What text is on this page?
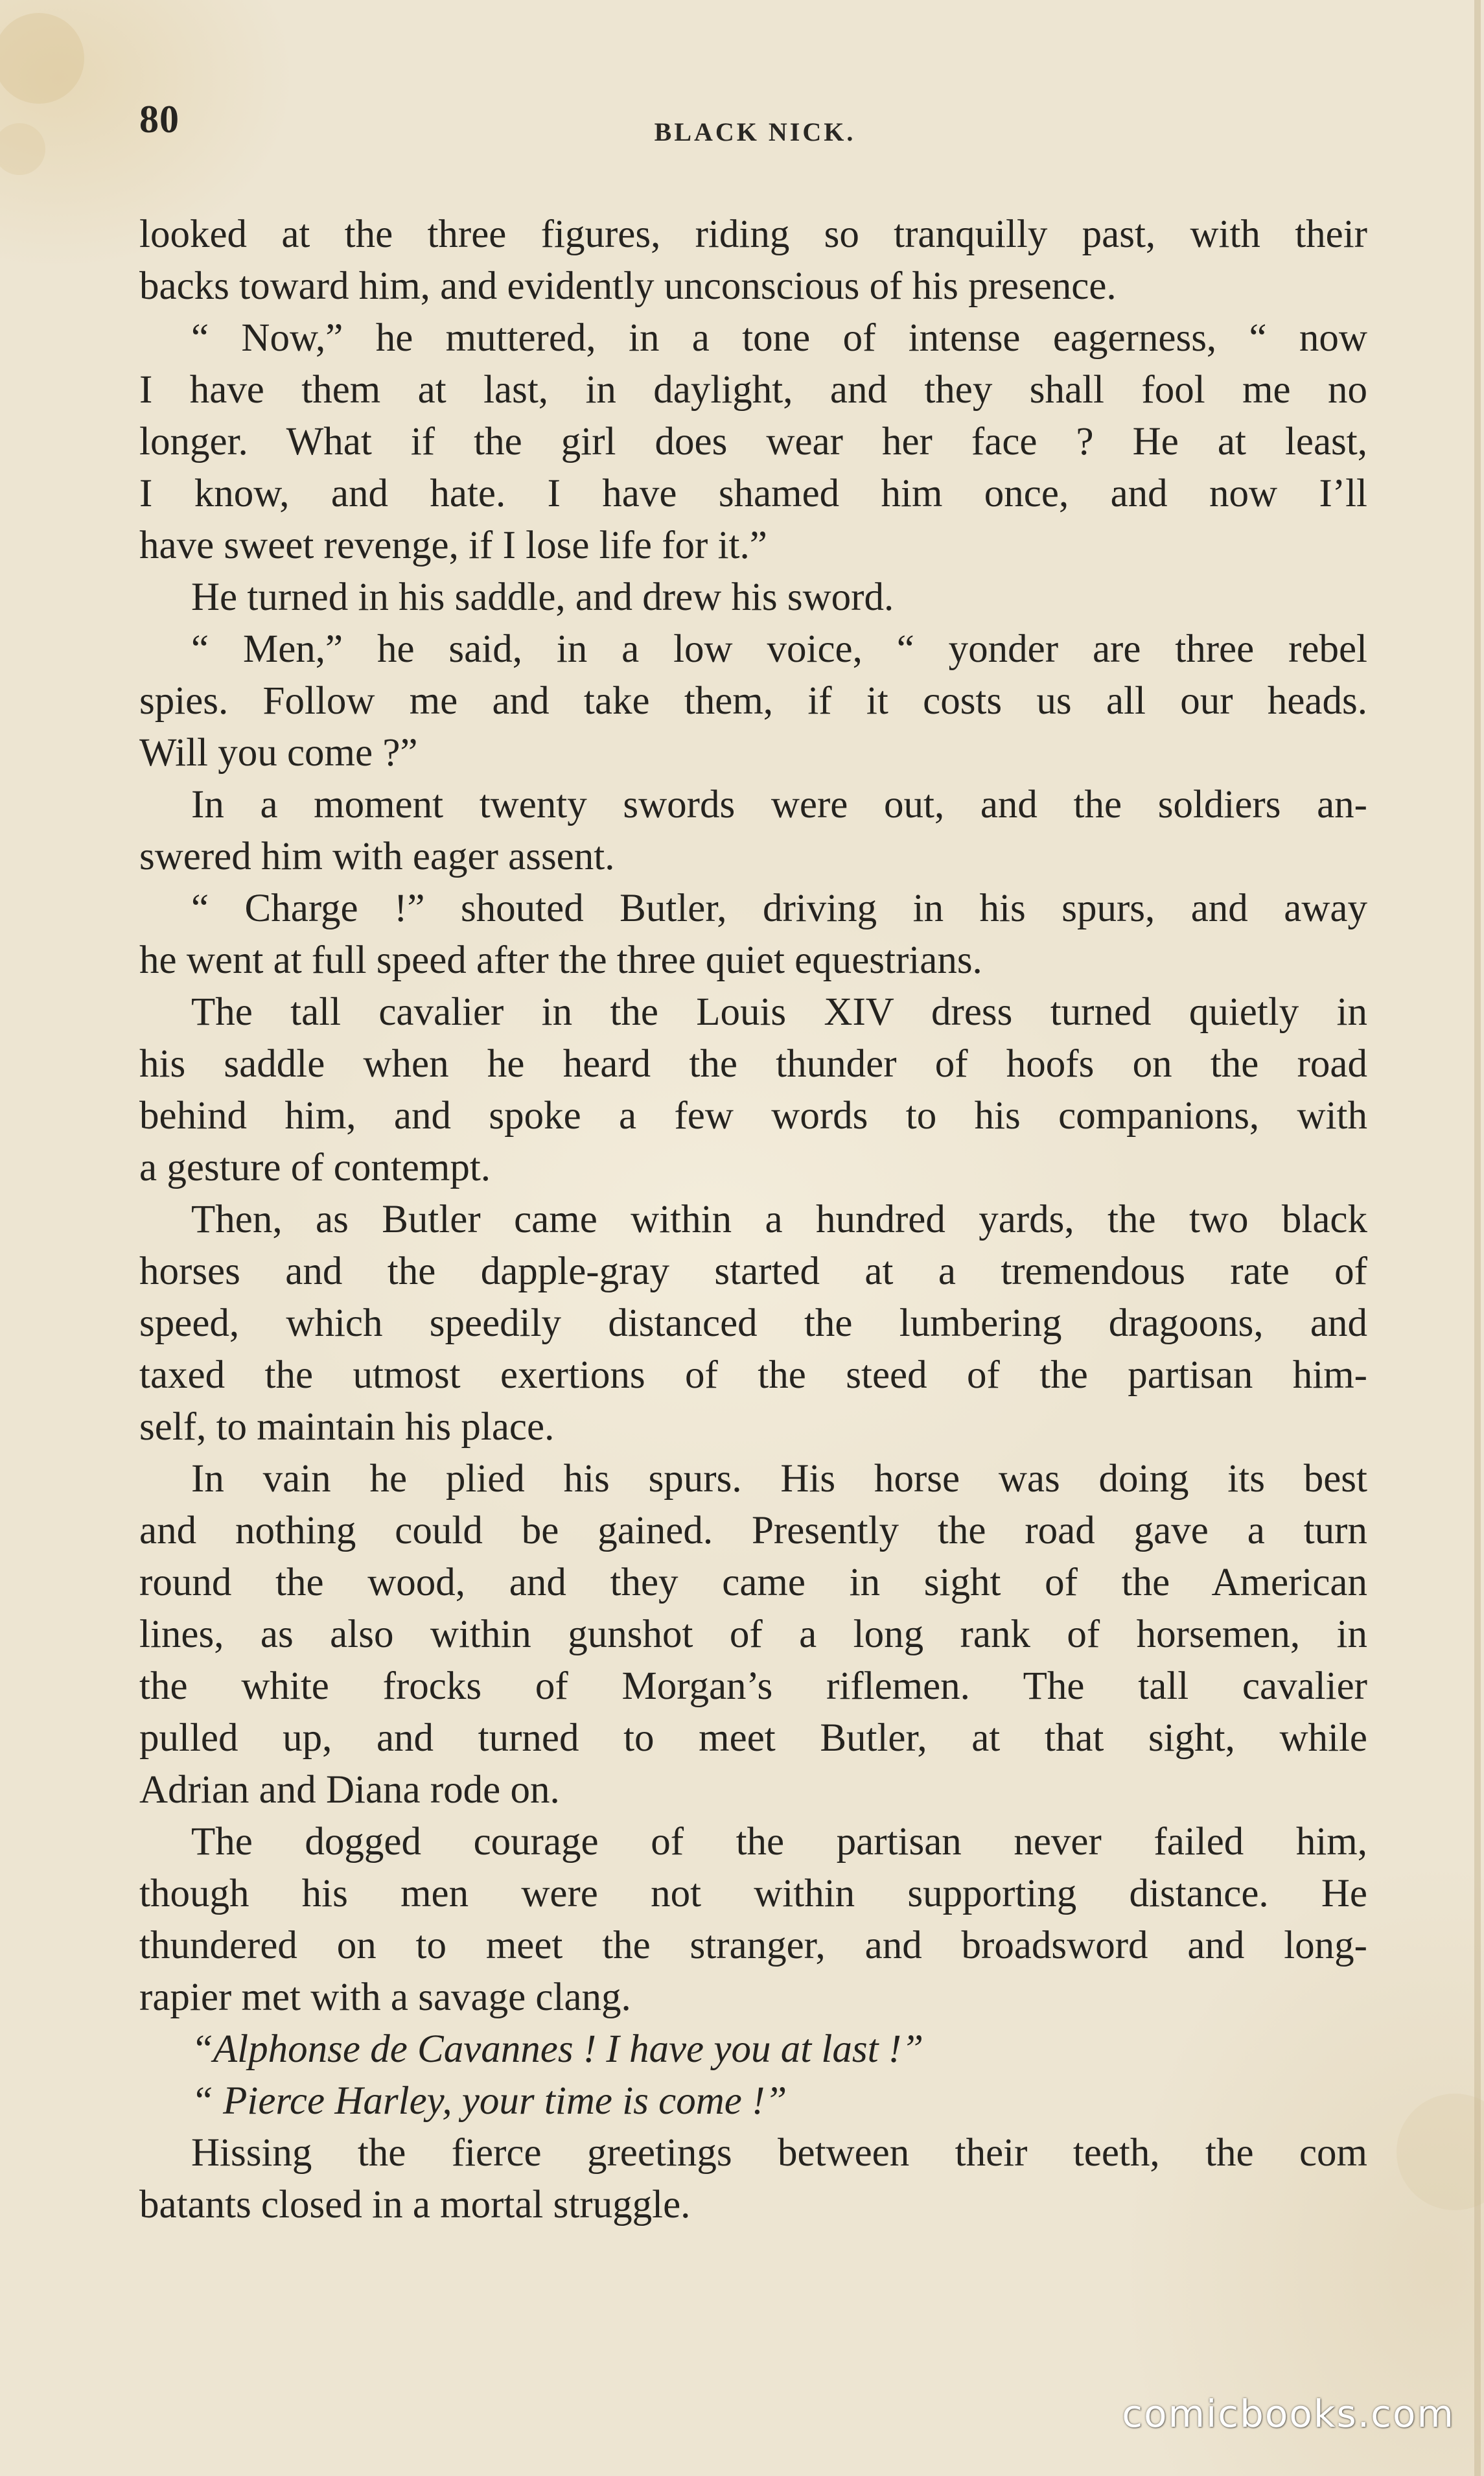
80	BLACK NICK.
looked at the three figures, riding so tranquilly past, with their
backs toward him, and evidently unconscious of his presence.
“ Now,” he muttered, in a tone of intense eagerness, “ now
I have them at last, in daylight, and they shall fool me no
longer. What if the girl does wear her face ? He at least,
I know, and hate. I have shamed him once, and now I’ll
have sweet revenge, if I lose life for it.”
He turned in his saddle, and drew his sword.
“ Men,” he said, in a low voice, “ yonder are three rebel
spies. Follow me and take them, if it costs us all our heads.
Will you come ?”
In a moment twenty swords were out, and the soldiers an-
swered him with eager assent.
“ Charge !” shouted Butler, driving in his spurs, and away
he went at full speed after the three quiet equestrians.
The tall cavalier in the Louis XIV dress turned quietly in
his saddle when he heard the thunder of hoofs on the road
behind him, and spoke a few words to his companions, with
a gesture of contempt.
Then, as Butler came within a hundred yards, the two black
horses and the dapple-gray started at a tremendous rate of
speed, which speedily distanced the lumbering dragoons, and
taxed the utmost exertions of the steed of the partisan him-
self, to maintain his place.
In vain he plied his spurs. His horse was doing its best
and nothing could be gained. Presently the road gave a turn
round the wood, and they came in sight of the American
lines, as also within gunshot of a long rank of horsemen, in
the white frocks of Morgan’s riflemen. The tall cavalier
pulled up, and turned to meet Butler, at that sight, while
Adrian and Diana rode on.
The dogged courage of the partisan never failed him,
though his men were not within supporting distance. He
thundered on to meet the stranger, and broadsword and long-
rapier met with a savage clang.
“Alphonse de Cavannes ! I have you at last !”
“ Pierce Harley, your time is come !”
Hissing the fierce greetings between their teeth, the com
batants closed in a mortal struggle.
comicbooks.com
